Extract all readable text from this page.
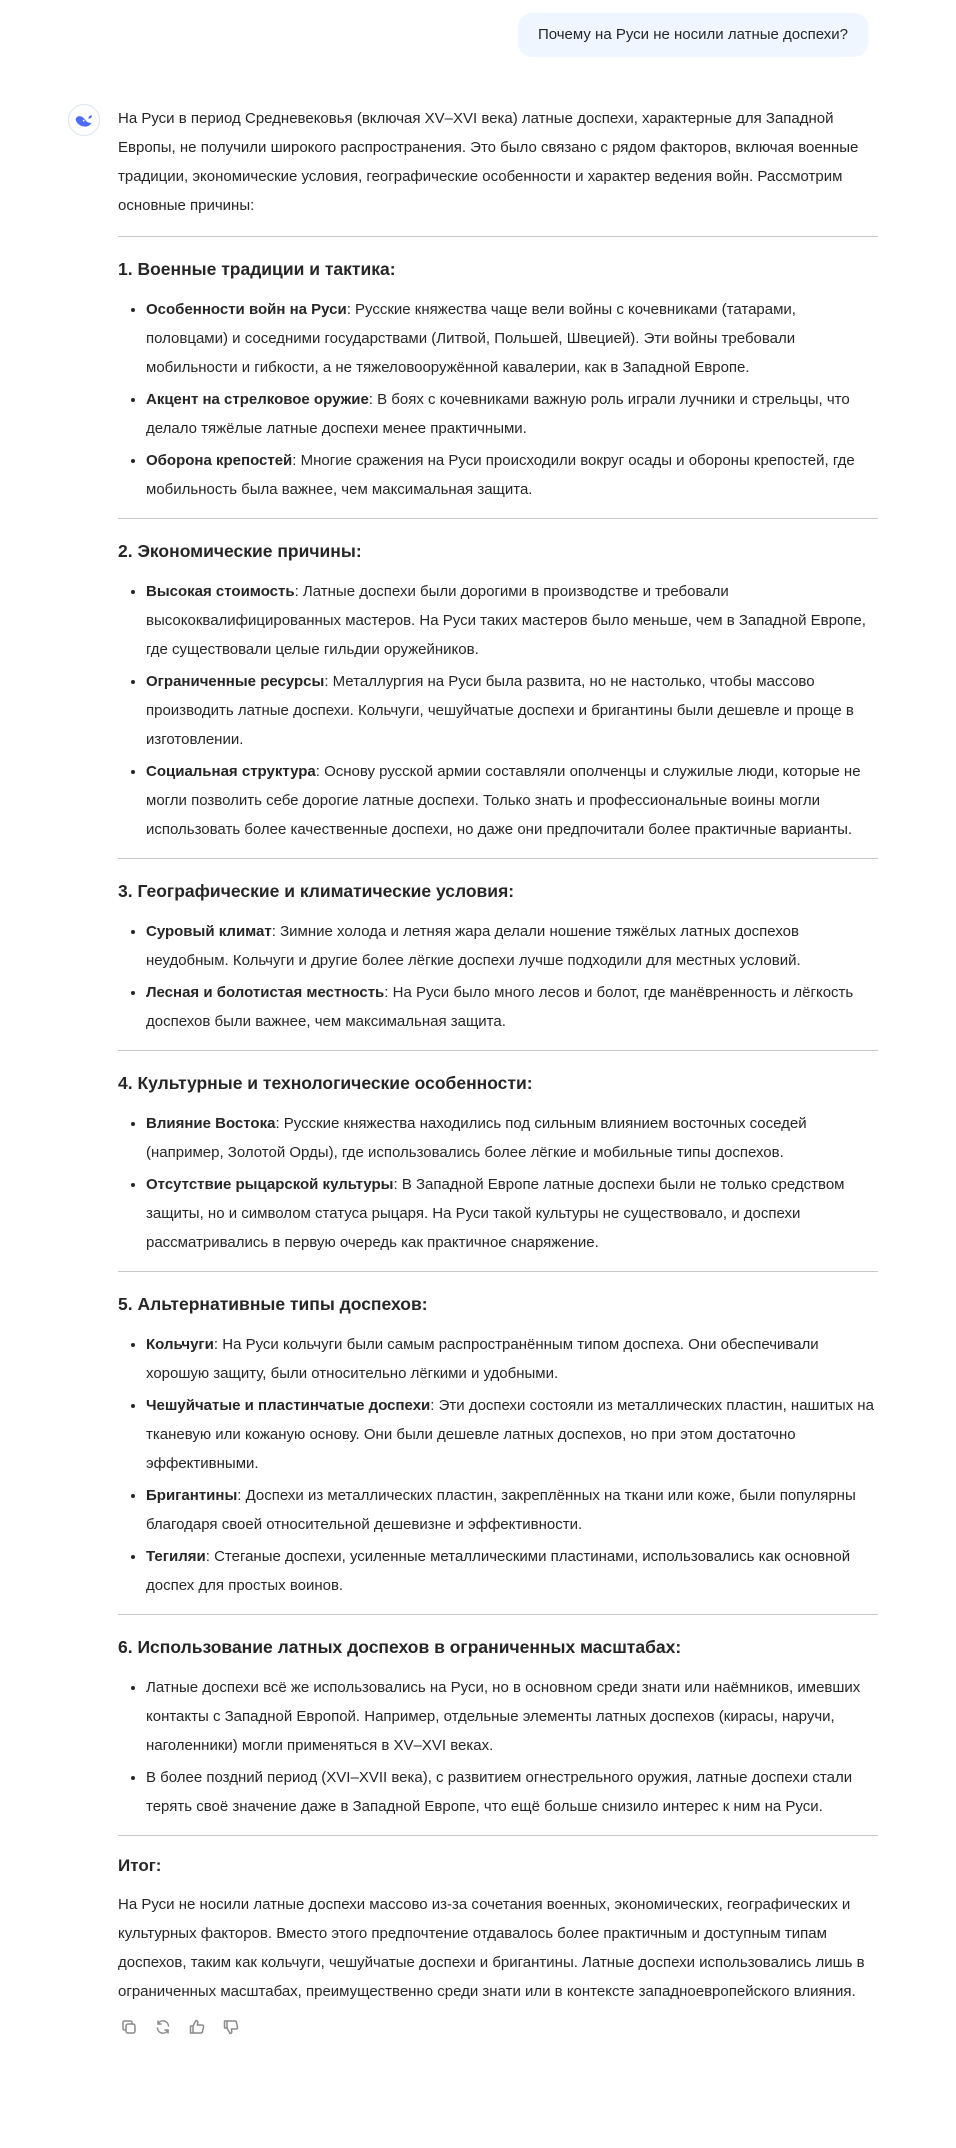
Почему на Руси не носили латные доспехи?

На Руси в период Средневековья (включая XV–XVI века) латные доспехи, характерные для Западной Европы, не получили широкого распространения. Это было связано с рядом факторов, включая военные традиции, экономические условия, географические особенности и характер ведения войн. Рассмотрим основные причины:

1. Военные традиции и тактика:
• Особенности войн на Руси: Русские княжества чаще вели войны с кочевниками (татарами, половцами) и соседними государствами (Литвой, Польшей, Швецией). Эти войны требовали мобильности и гибкости, а не тяжеловооружённой кавалерии, как в Западной Европе.
• Акцент на стрелковое оружие: В боях с кочевниками важную роль играли лучники и стрельцы, что делало тяжёлые латные доспехи менее практичными.
• Оборона крепостей: Многие сражения на Руси происходили вокруг осады и обороны крепостей, где мобильность была важнее, чем максимальная защита.
2. Экономические причины:
• Высокая стоимость: Латные доспехи были дорогими в производстве и требовали высококвалифицированных мастеров. На Руси таких мастеров было меньше, чем в Западной Европе, где существовали целые гильдии оружейников.
• Ограниченные ресурсы: Металлургия на Руси была развита, но не настолько, чтобы массово производить латные доспехи. Кольчуги, чешуйчатые доспехи и бригантины были дешевле и проще в изготовлении.
• Социальная структура: Основу русской армии составляли ополченцы и служилые люди, которые не могли позволить себе дорогие латные доспехи. Только знать и профессиональные воины могли использовать более качественные доспехи, но даже они предпочитали более практичные варианты.
3. Географические и климатические условия:
• Суровый климат: Зимние холода и летняя жара делали ношение тяжёлых латных доспехов неудобным. Кольчуги и другие более лёгкие доспехи лучше подходили для местных условий.
• Лесная и болотистая местность: На Руси было много лесов и болот, где манёвренность и лёгкость доспехов были важнее, чем максимальная защита.
4. Культурные и технологические особенности:
• Влияние Востока: Русские княжества находились под сильным влиянием восточных соседей (например, Золотой Орды), где использовались более лёгкие и мобильные типы доспехов.
• Отсутствие рыцарской культуры: В Западной Европе латные доспехи были не только средством защиты, но и символом статуса рыцаря. На Руси такой культуры не существовало, и доспехи рассматривались в первую очередь как практичное снаряжение.
5. Альтернативные типы доспехов:
• Кольчуги: На Руси кольчуги были самым распространённым типом доспеха. Они обеспечивали хорошую защиту, были относительно лёгкими и удобными.
• Чешуйчатые и пластинчатые доспехи: Эти доспехи состояли из металлических пластин, нашитых на тканевую или кожаную основу. Они были дешевле латных доспехов, но при этом достаточно эффективными.
• Бригантины: Доспехи из металлических пластин, закреплённых на ткани или коже, были популярны благодаря своей относительной дешевизне и эффективности.
• Тегиляи: Стеганые доспехи, усиленные металлическими пластинами, использовались как основной доспех для простых воинов.
6. Использование латных доспехов в ограниченных масштабах:
• Латные доспехи всё же использовались на Руси, но в основном среди знати или наёмников, имевших контакты с Западной Европой. Например, отдельные элементы латных доспехов (кирасы, наручи, наголенники) могли применяться в XV–XVI веках.
• В более поздний период (XVI–XVII века), с развитием огнестрельного оружия, латные доспехи стали терять своё значение даже в Западной Европе, что ещё больше снизило интерес к ним на Руси.
Итог:

На Руси не носили латные доспехи массово из-за сочетания военных, экономических, географических и культурных факторов. Вместо этого предпочтение отдавалось более практичным и доступным типам доспехов, таким как кольчуги, чешуйчатые доспехи и бригантины. Латные доспехи использовались лишь в ограниченных масштабах, преимущественно среди знати или в контексте западноевропейского влияния.
